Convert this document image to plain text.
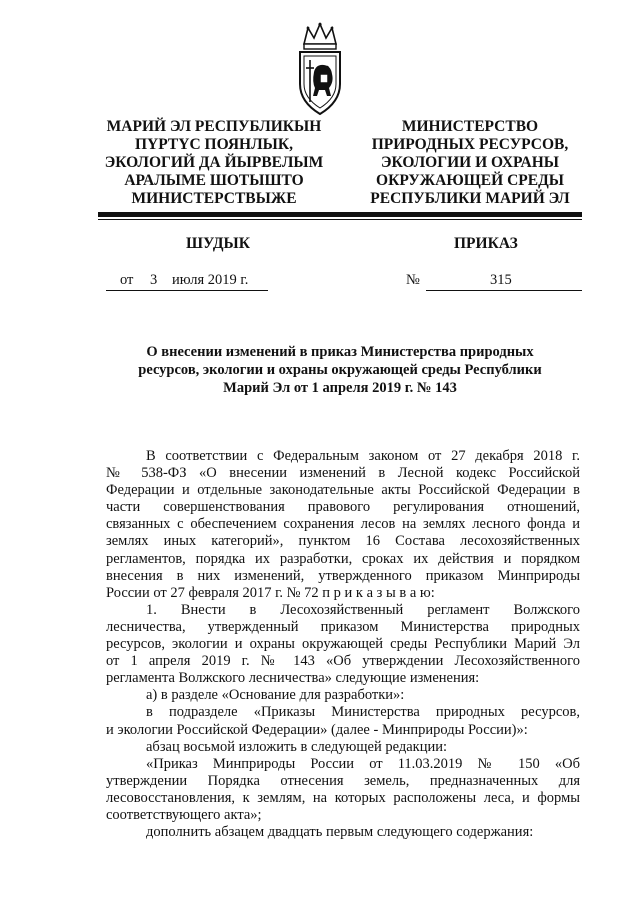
МАРИЙ ЭЛ РЕСПУБЛИКЫН
ПҮРТҮС ПОЯНЛЫК,
ЭКОЛОГИЙ ДА ЙЫРВЕЛЫМ
АРАЛЫМЕ ШОТЫШТО
МИНИСТЕРСТВЫЖЕ
МИНИСТЕРСТВО
ПРИРОДНЫХ РЕСУРСОВ,
ЭКОЛОГИИ И ОХРАНЫ
ОКРУЖАЮЩЕЙ СРЕДЫ
РЕСПУБЛИКИ МАРИЙ ЭЛ
ШУДЫК	ПРИКАЗ
от 3 июля 2019 г.	№	315
О внесении изменений в приказ Министерства природных
ресурсов, экологии и охраны окружающей среды Республики
Марий Эл от 1 апреля 2019 г. № 143
В соответствии с Федеральным законом от 27 декабря 2018 г.
№ 538-ФЗ «О внесении изменений в Лесной кодекс Российской
Федерации и отдельные законодательные акты Российской Федерации в
части совершенствования правового регулирования отношений,
связанных с обеспечением сохранения лесов на землях лесного фонда и
землях иных категорий», пунктом 16 Состава лесохозяйственных
регламентов, порядка их разработки, сроках их действия и порядком
внесения в них изменений, утвержденного приказом Минприроды
России от 27 февраля 2017 г. № 72 п р и к а з ы в а ю:
1. Внести в Лесохозяйственный регламент Волжского
лесничества, утвержденный приказом Министерства природных
ресурсов, экологии и охраны окружающей среды Республики Марий Эл
от 1 апреля 2019 г. № 143 «Об утверждении Лесохозяйственного
регламента Волжского лесничества» следующие изменения:
а) в разделе «Основание для разработки»:
в подразделе «Приказы Министерства природных ресурсов,
и экологии Российской Федерации» (далее - Минприроды России)»:
абзац восьмой изложить в следующей редакции:
«Приказ Минприроды России от 11.03.2019 № 150 «Об
утверждении Порядка отнесения земель, предназначенных для
лесовосстановления, к землям, на которых расположены леса, и формы
соответствующего акта»;
дополнить абзацем двадцать первым следующего содержания:
